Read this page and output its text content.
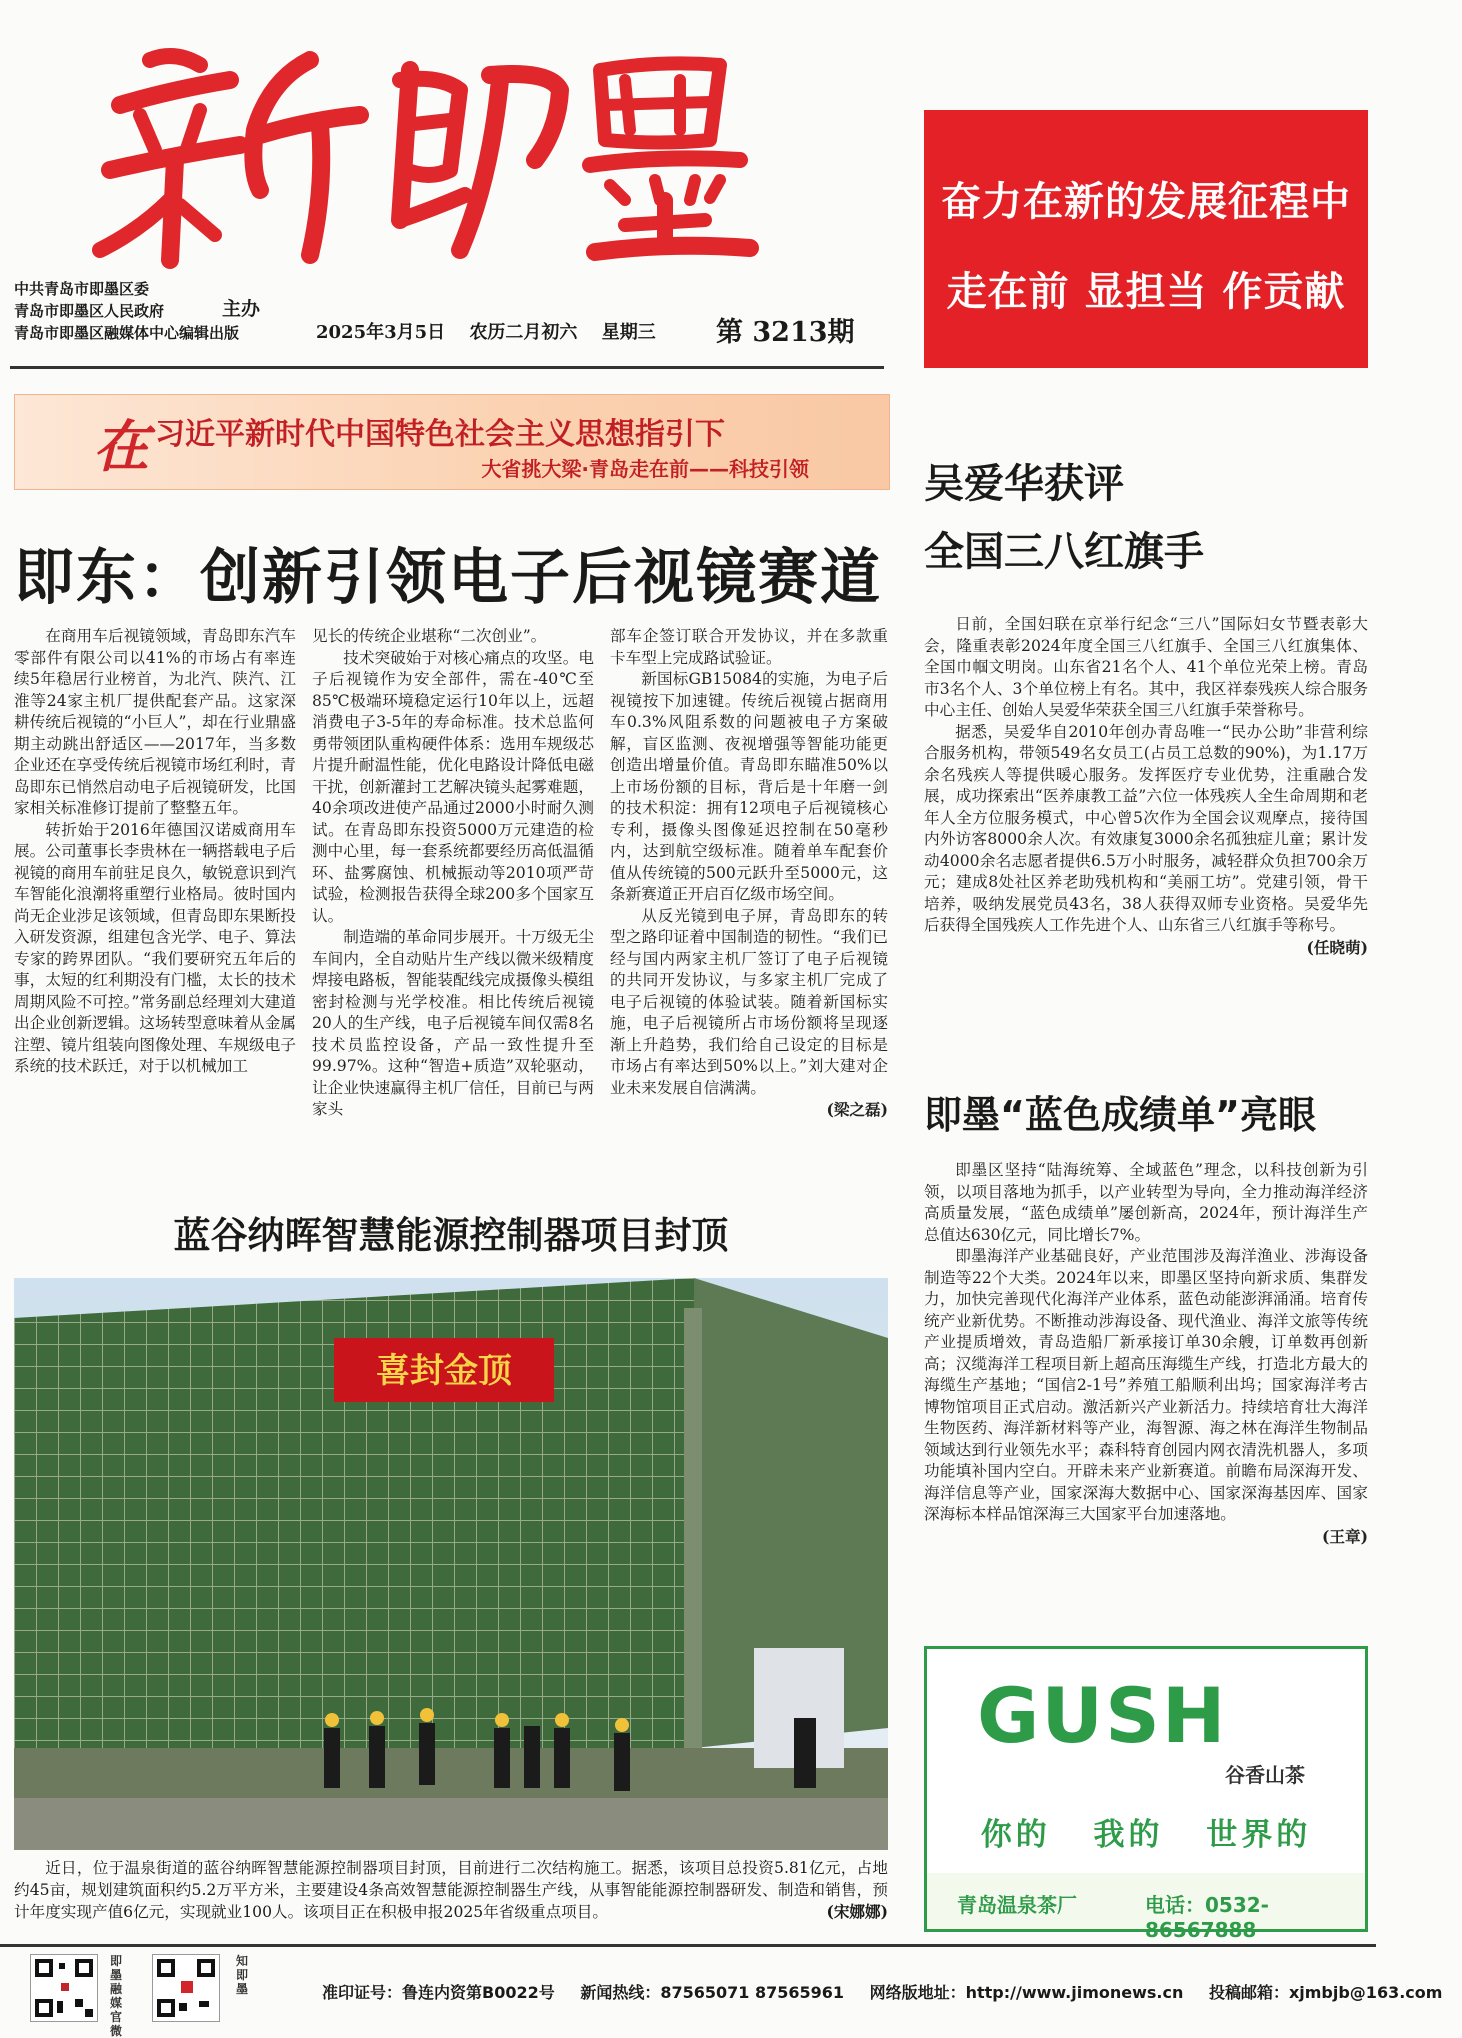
中共青岛市即墨区委
青岛市即墨区人民政府
青岛市即墨区融媒体中心编辑出版
主办
2025年3月5日 农历二月初六 星期三	第 3213期
奋力在新的发展征程中
走在前 显担当 作贡献
在 习近平新时代中国特色社会主义思想指引下
大省挑大梁·青岛走在前——科技引领
即东：创新引领电子后视镜赛道

在商用车后视镜领域，青岛即东汽车零部件有限公司以41%的市场占有率连续5年稳居行业榜首，为北汽、陕汽、江淮等24家主机厂提供配套产品。这家深耕传统后视镜的“小巨人”，却在行业鼎盛期主动跳出舒适区——2017年，当多数企业还在享受传统后视镜市场红利时，青岛即东已悄然启动电子后视镜研发，比国家相关标准修订提前了整整五年。

转折始于2016年德国汉诺威商用车展。公司董事长李贵林在一辆搭载电子后视镜的商用车前驻足良久，敏锐意识到汽车智能化浪潮将重塑行业格局。彼时国内尚无企业涉足该领域，但青岛即东果断投入研发资源，组建包含光学、电子、算法专家的跨界团队。“我们要研究五年后的事，太短的红利期没有门槛，太长的技术周期风险不可控。”常务副总经理刘大建道出企业创新逻辑。这场转型意味着从金属注塑、镜片组装向图像处理、车规级电子系统的技术跃迁，对于以机械加工

见长的传统企业堪称“二次创业”。

技术突破始于对核心痛点的攻坚。电子后视镜作为安全部件，需在-40℃至85℃极端环境稳定运行10年以上，远超消费电子3-5年的寿命标准。技术总监何勇带领团队重构硬件体系：选用车规级芯片提升耐温性能，优化电路设计降低电磁干扰，创新灌封工艺解决镜头起雾难题，40余项改进使产品通过2000小时耐久测试。在青岛即东投资5000万元建造的检测中心里，每一套系统都要经历高低温循环、盐雾腐蚀、机械振动等2010项严苛试验，检测报告获得全球200多个国家互认。

制造端的革命同步展开。十万级无尘车间内，全自动贴片生产线以微米级精度焊接电路板，智能装配线完成摄像头模组密封检测与光学校准。相比传统后视镜20人的生产线，电子后视镜车间仅需8名技术员监控设备，产品一致性提升至99.97%。这种“智造+质造”双轮驱动，让企业快速赢得主机厂信任，目前已与两家头

部车企签订联合开发协议，并在多款重卡车型上完成路试验证。

新国标GB15084的实施，为电子后视镜按下加速键。传统后视镜占据商用车0.3%风阻系数的问题被电子方案破解，盲区监测、夜视增强等智能功能更创造出增量价值。青岛即东瞄准50%以上市场份额的目标，背后是十年磨一剑的技术积淀：拥有12项电子后视镜核心专利，摄像头图像延迟控制在50毫秒内，达到航空级标准。随着单车配套价值从传统镜的500元跃升至5000元，这条新赛道正开启百亿级市场空间。

从反光镜到电子屏，青岛即东的转型之路印证着中国制造的韧性。“我们已经与国内两家主机厂签订了电子后视镜的共同开发协议，与多家主机厂完成了电子后视镜的体验试装。随着新国标实施，电子后视镜所占市场份额将呈现逐渐上升趋势，我们给自己设定的目标是市场占有率达到50%以上。”刘大建对企业未来发展自信满满。

(梁之磊)

蓝谷纳晖智慧能源控制器项目封顶
喜封金顶

近日，位于温泉街道的蓝谷纳晖智慧能源控制器项目封顶，目前进行二次结构施工。据悉，该项目总投资5.81亿元，占地约45亩，规划建筑面积约5.2万平方米，主要建设4条高效智慧能源控制器生产线，从事智能能源控制器研发、制造和销售，预计年度实现产值6亿元，实现就业100人。该项目正在积极申报2025年省级重点项目。	(宋娜娜)

吴爱华获评
全国三八红旗手

日前，全国妇联在京举行纪念“三八”国际妇女节暨表彰大会，隆重表彰2024年度全国三八红旗手、全国三八红旗集体、全国巾帼文明岗。山东省21名个人、41个单位光荣上榜。青岛市3名个人、3个单位榜上有名。其中，我区祥泰残疾人综合服务中心主任、创始人吴爱华荣获全国三八红旗手荣誉称号。

据悉，吴爱华自2010年创办青岛唯一“民办公助”非营利综合服务机构，带领549名女员工(占员工总数的90%)，为1.17万余名残疾人等提供暖心服务。发挥医疗专业优势，注重融合发展，成功探索出“医养康教工益”六位一体残疾人全生命周期和老年人全方位服务模式，中心曾5次作为全国会议观摩点，接待国内外访客8000余人次。有效康复3000余名孤独症儿童；累计发动4000余名志愿者提供6.5万小时服务，减轻群众负担700余万元；建成8处社区养老助残机构和“美丽工坊”。党建引领，骨干培养，吸纳发展党员43名，38人获得双师专业资格。吴爱华先后获得全国残疾人工作先进个人、山东省三八红旗手等称号。

(任晓萌)

即墨“蓝色成绩单”亮眼

即墨区坚持“陆海统筹、全域蓝色”理念，以科技创新为引领，以项目落地为抓手，以产业转型为导向，全力推动海洋经济高质量发展，“蓝色成绩单”屡创新高，2024年，预计海洋生产总值达630亿元，同比增长7%。

即墨海洋产业基础良好，产业范围涉及海洋渔业、涉海设备制造等22个大类。2024年以来，即墨区坚持向新求质、集群发力，加快完善现代化海洋产业体系，蓝色动能澎湃涌涌。培育传统产业新优势。不断推动涉海设备、现代渔业、海洋文旅等传统产业提质增效，青岛造船厂新承接订单30余艘，订单数再创新高；汉缆海洋工程项目新上超高压海缆生产线，打造北方最大的海缆生产基地；“国信2-1号”养殖工船顺利出坞；国家海洋考古博物馆项目正式启动。激活新兴产业新活力。持续培育壮大海洋生物医药、海洋新材料等产业，海智源、海之林在海洋生物制品领域达到行业领先水平；森科特育创园内网衣清洗机器人，多项功能填补国内空白。开辟未来产业新赛道。前瞻布局深海开发、海洋信息等产业，国家深海大数据中心、国家深海基因库、国家深海标本样品馆深海三大国家平台加速落地。

(王章)

GUSH
谷香山茶
你的 我的 世界的
青岛温泉茶厂	电话：0532-86567888
即墨融媒官微
知即墨	准印证号：鲁连内资第B0022号 新闻热线：87565071 87565961 网络版地址：http://www.jimonews.cn 投稿邮箱：xjmbjb@163.com
